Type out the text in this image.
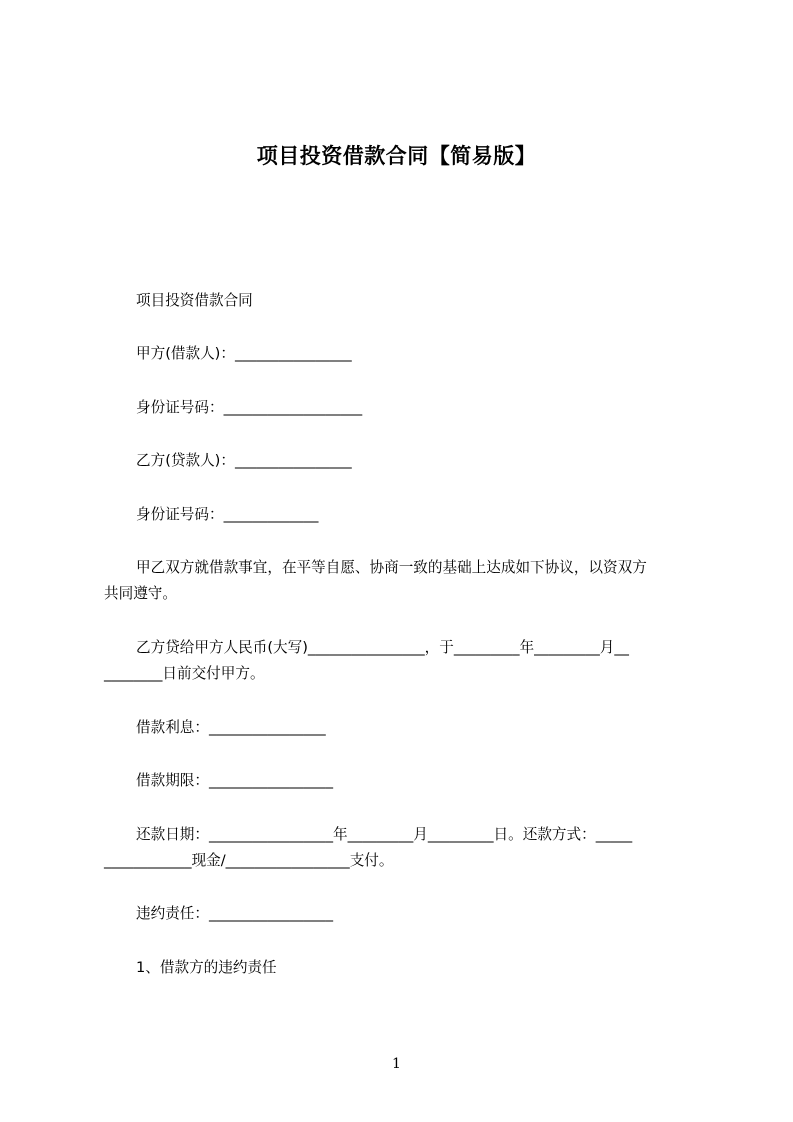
项目投资借款合同【简易版】
项目投资借款合同
甲方(借款人)：________________
身份证号码：___________________
乙方(贷款人)：________________
身份证号码：_____________
甲乙双方就借款事宜，在平等自愿、协商一致的基础上达成如下协议，以资双方
共同遵守。
乙方贷给甲方人民币(大写)________________，于_________年_________月__
________日前交付甲方。
借款利息：________________
借款期限：_________________
还款日期：_________________年_________月_________日。还款方式：_____
____________现金/_________________支付。
违约责任：_________________
1、借款方的违约责任
1
